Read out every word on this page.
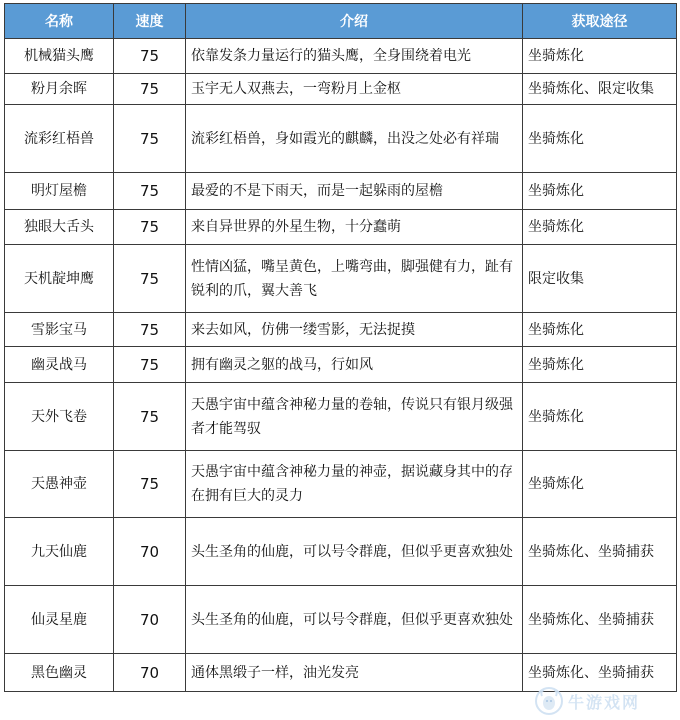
名称	速度	介绍	获取途径
机械猫头鹰	75	依靠发条力量运行的猫头鹰，全身围绕着电光	坐骑炼化
粉月余晖	75	玉宇无人双燕去，一弯粉月上金枢	坐骑炼化、限定收集
流彩红梧兽	75	流彩红梧兽，身如霞光的麒麟，出没之处必有祥瑞	坐骑炼化
明灯屋檐	75	最爱的不是下雨天，而是一起躲雨的屋檐	坐骑炼化
独眼大舌头	75	来自异世界的外星生物，十分蠢萌	坐骑炼化
天机靛坤鹰	75	性情凶猛，嘴呈黄色，上嘴弯曲，脚强健有力，趾有锐利的爪，翼大善飞	限定收集
雪影宝马	75	来去如风，仿佛一缕雪影，无法捉摸	坐骑炼化
幽灵战马	75	拥有幽灵之躯的战马，行如风	坐骑炼化
天外飞卷	75	天愚宇宙中蕴含神秘力量的卷轴，传说只有银月级强者才能驾驭	坐骑炼化
天愚神壶	75	天愚宇宙中蕴含神秘力量的神壶，据说藏身其中的存在拥有巨大的灵力	坐骑炼化
九天仙鹿	70	头生圣角的仙鹿，可以号令群鹿，但似乎更喜欢独处	坐骑炼化、坐骑捕获
仙灵星鹿	70	头生圣角的仙鹿，可以号令群鹿，但似乎更喜欢独处	坐骑炼化、坐骑捕获
黑色幽灵	70	通体黑缎子一样，油光发亮	坐骑炼化、坐骑捕获
牛游戏网
